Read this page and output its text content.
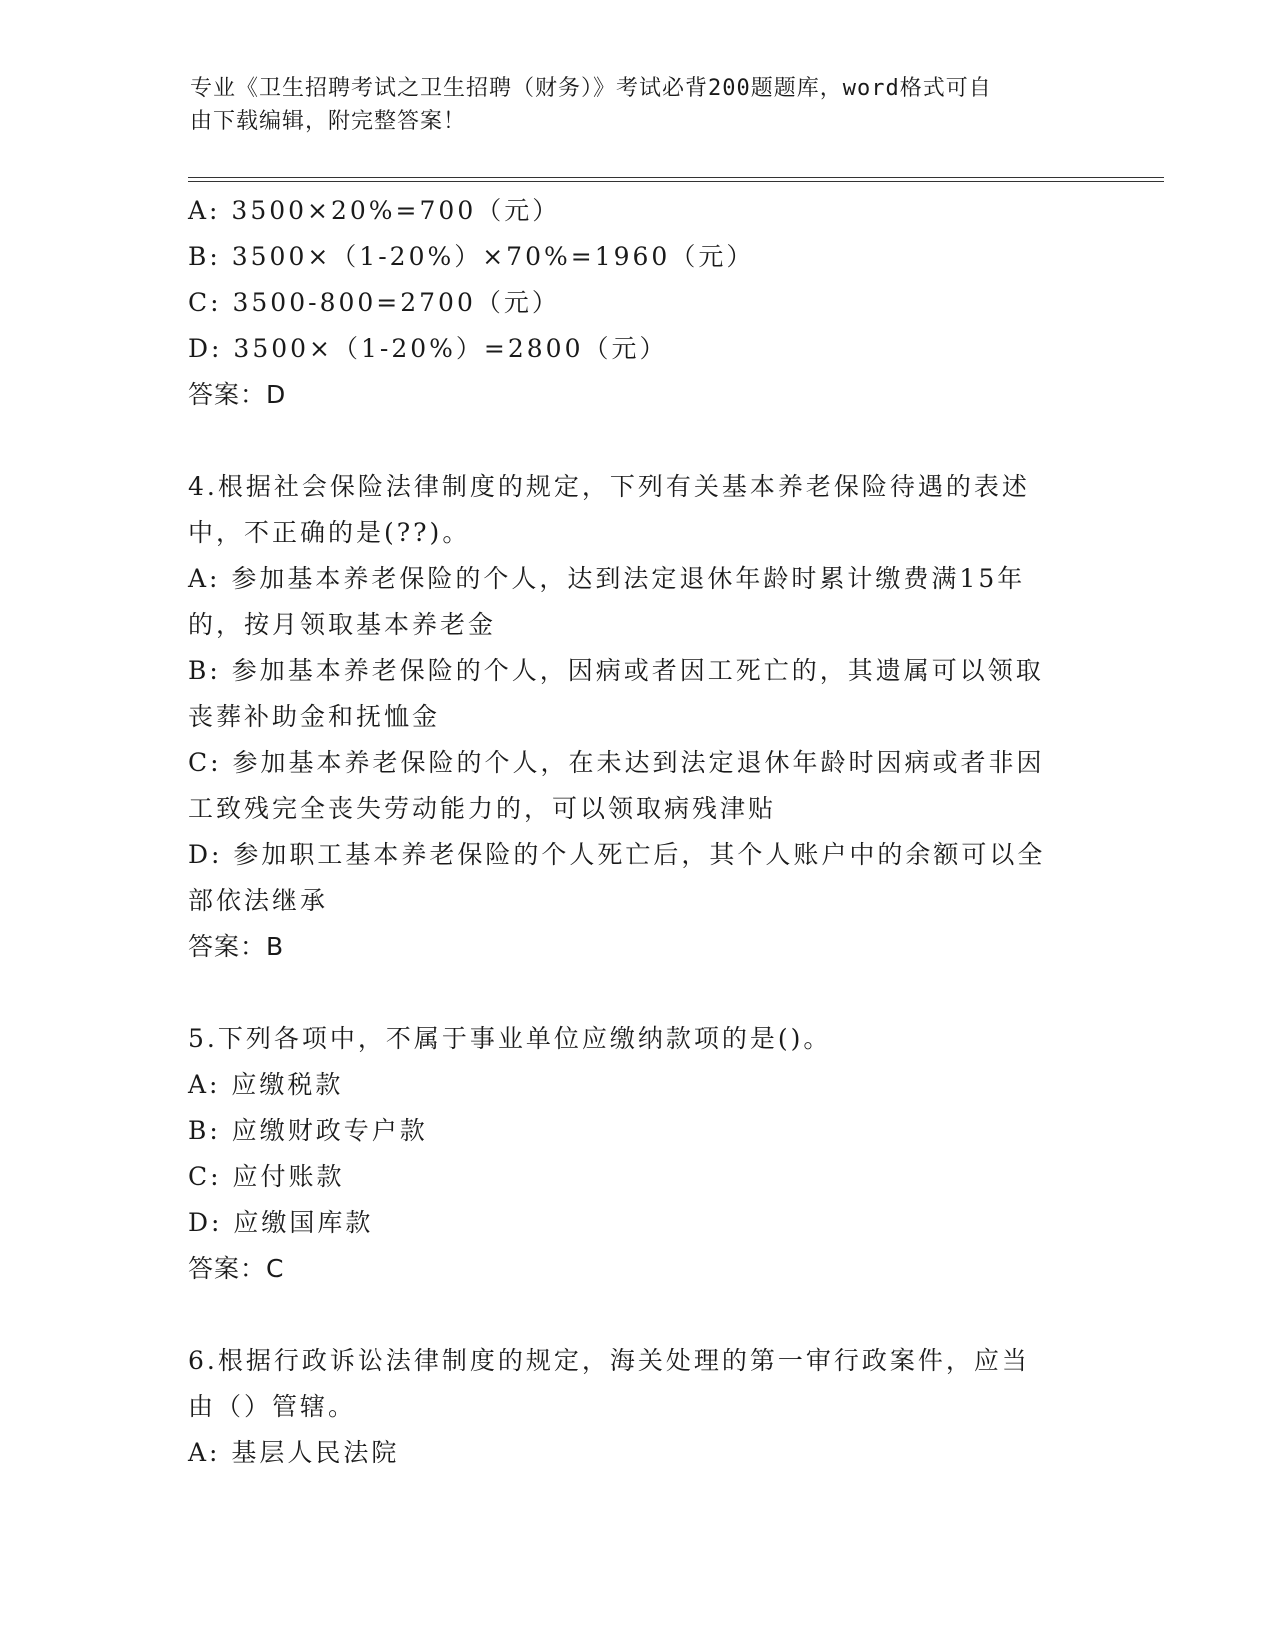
专业《卫生招聘考试之卫生招聘（财务）》考试必背200题题库，word格式可自
由下载编辑，附完整答案！
A: 3500×20%=700（元）
B: 3500×（1-20%）×70%=1960（元）
C: 3500-800=2700（元）
D: 3500×（1-20%）=2800（元）
答案：D
4.根据社会保险法律制度的规定，下列有关基本养老保险待遇的表述
中，不正确的是(??)。
A: 参加基本养老保险的个人，达到法定退休年龄时累计缴费满15年
的，按月领取基本养老金
B: 参加基本养老保险的个人，因病或者因工死亡的，其遗属可以领取
丧葬补助金和抚恤金
C: 参加基本养老保险的个人，在未达到法定退休年龄时因病或者非因
工致残完全丧失劳动能力的，可以领取病残津贴
D: 参加职工基本养老保险的个人死亡后，其个人账户中的余额可以全
部依法继承
答案：B
5.下列各项中，不属于事业单位应缴纳款项的是()。
A: 应缴税款
B: 应缴财政专户款
C: 应付账款
D: 应缴国库款
答案：C
6.根据行政诉讼法律制度的规定，海关处理的第一审行政案件，应当
由（）管辖。
A: 基层人民法院
